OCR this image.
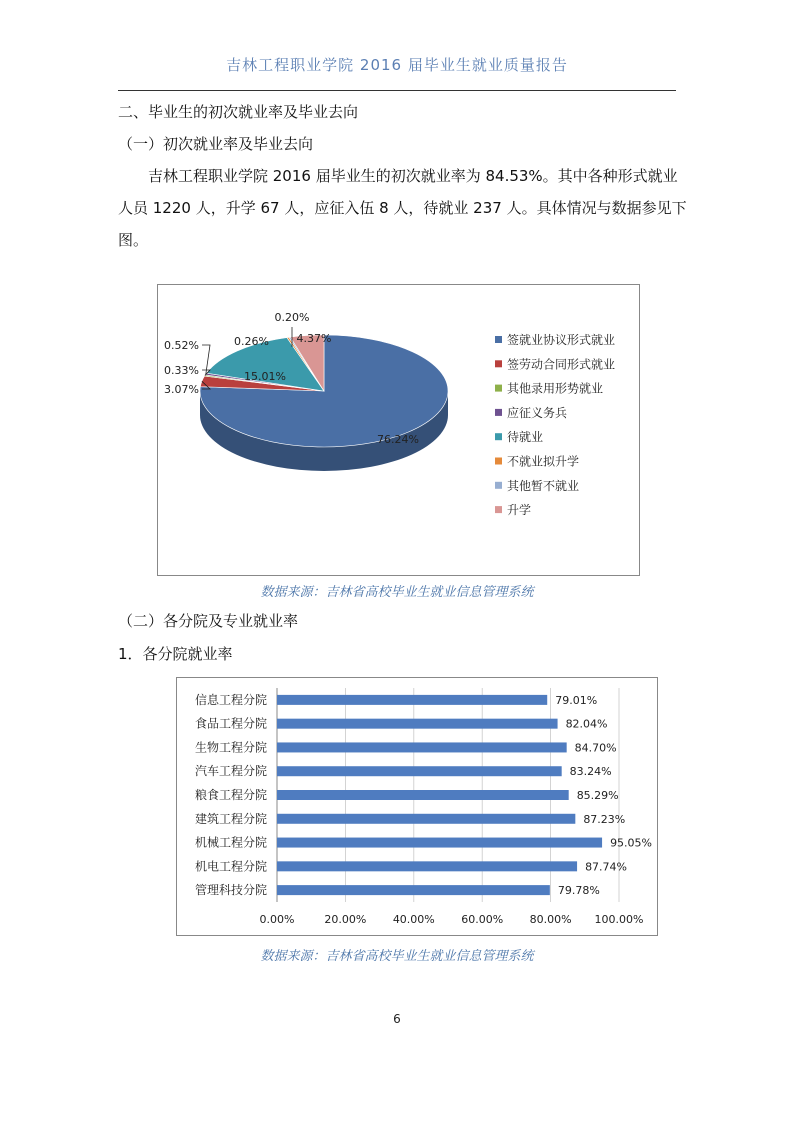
吉林工程职业学院 2016 届毕业生就业质量报告
二、毕业生的初次就业率及毕业去向
（一）初次就业率及毕业去向
吉林工程职业学院 2016 届毕业生的初次就业率为 84.53%。其中各种形式就业人员 1220 人，升学 67 人，应征入伍 8 人，待就业 237 人。具体情况与数据参见下图。
76.24%
3.07%
0.33%
0.52%
15.01%
0.26%
0.20%
4.37%	签就业协议形式就业
签劳动合同形式就业
其他录用形势就业
应征义务兵
待就业
不就业拟升学
其他暂不就业
升学
数据来源：吉林省高校毕业生就业信息管理系统
（二）各分院及专业就业率
1．各分院就业率
0.00%	20.00% 40.00% 60.00% 80.00% 100.00%
信息工程分院	79.01%
食品工程分院	82.04%
生物工程分院	84.70%
汽车工程分院	83.24%
粮食工程分院	85.29%
建筑工程分院	87.23%
机械工程分院	95.05%
机电工程分院	87.74%
管理科技分院	79.78%
数据来源：吉林省高校毕业生就业信息管理系统
6
